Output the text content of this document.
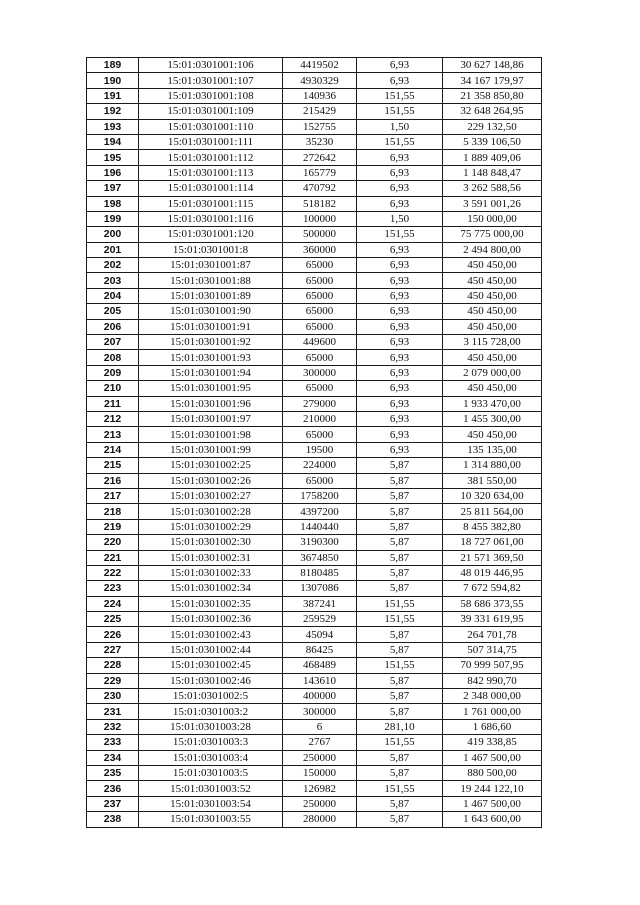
189	15:01:0301001:106	4419502	6,93	30 627 148,86
190	15:01:0301001:107	4930329	6,93	34 167 179,97
191	15:01:0301001:108	140936	151,55	21 358 850,80
192	15:01:0301001:109	215429	151,55	32 648 264,95
193	15:01:0301001:110	152755	1,50	229 132,50
194	15:01:0301001:111	35230	151,55	5 339 106,50
195	15:01:0301001:112	272642	6,93	1 889 409,06
196	15:01:0301001:113	165779	6,93	1 148 848,47
197	15:01:0301001:114	470792	6,93	3 262 588,56
198	15:01:0301001:115	518182	6,93	3 591 001,26
199	15:01:0301001:116	100000	1,50	150 000,00
200	15:01:0301001:120	500000	151,55	75 775 000,00
201	15:01:0301001:8	360000	6,93	2 494 800,00
202	15:01:0301001:87	65000	6,93	450 450,00
203	15:01:0301001:88	65000	6,93	450 450,00
204	15:01:0301001:89	65000	6,93	450 450,00
205	15:01:0301001:90	65000	6,93	450 450,00
206	15:01:0301001:91	65000	6,93	450 450,00
207	15:01:0301001:92	449600	6,93	3 115 728,00
208	15:01:0301001:93	65000	6,93	450 450,00
209	15:01:0301001:94	300000	6,93	2 079 000,00
210	15:01:0301001:95	65000	6,93	450 450,00
211	15:01:0301001:96	279000	6,93	1 933 470,00
212	15:01:0301001:97	210000	6,93	1 455 300,00
213	15:01:0301001:98	65000	6,93	450 450,00
214	15:01:0301001:99	19500	6,93	135 135,00
215	15:01:0301002:25	224000	5,87	1 314 880,00
216	15:01:0301002:26	65000	5,87	381 550,00
217	15:01:0301002:27	1758200	5,87	10 320 634,00
218	15:01:0301002:28	4397200	5,87	25 811 564,00
219	15:01:0301002:29	1440440	5,87	8 455 382,80
220	15:01:0301002:30	3190300	5,87	18 727 061,00
221	15:01:0301002:31	3674850	5,87	21 571 369,50
222	15:01:0301002:33	8180485	5,87	48 019 446,95
223	15:01:0301002:34	1307086	5,87	7 672 594,82
224	15:01:0301002:35	387241	151,55	58 686 373,55
225	15:01:0301002:36	259529	151,55	39 331 619,95
226	15:01:0301002:43	45094	5,87	264 701,78
227	15:01:0301002:44	86425	5,87	507 314,75
228	15:01:0301002:45	468489	151,55	70 999 507,95
229	15:01:0301002:46	143610	5,87	842 990,70
230	15:01:0301002:5	400000	5,87	2 348 000,00
231	15:01:0301003:2	300000	5,87	1 761 000,00
232	15:01:0301003:28	6	281,10	1 686,60
233	15:01:0301003:3	2767	151,55	419 338,85
234	15:01:0301003:4	250000	5,87	1 467 500,00
235	15:01:0301003:5	150000	5,87	880 500,00
236	15:01:0301003:52	126982	151,55	19 244 122,10
237	15:01:0301003:54	250000	5,87	1 467 500,00
238	15:01:0301003:55	280000	5,87	1 643 600,00
